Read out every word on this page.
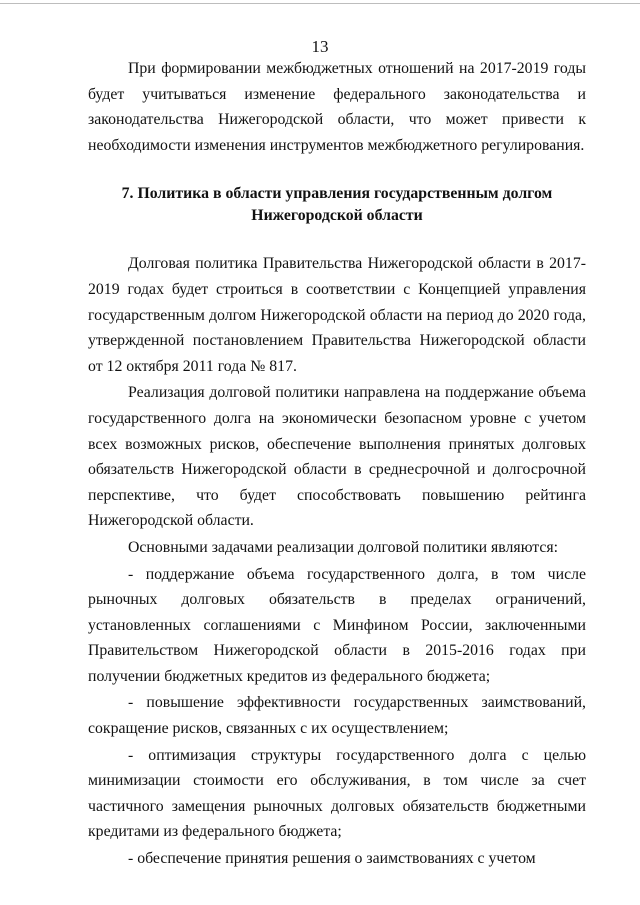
13

При формировании межбюджетных отношений на 2017-2019 годы будет учитываться изменение федерального законодательства и законодательства Нижегородской области, что может привести к необходимости изменения инструментов межбюджетного регулирования.

7. Политика в области управления государственным долгом
Нижегородской области

Долговая политика Правительства Нижегородской области в 2017-2019 годах будет строиться в соответствии с Концепцией управления государственным долгом Нижегородской области на период до 2020 года, утвержденной постановлением Правительства Нижегородской области от 12 октября 2011 года № 817.

Реализация долговой политики направлена на поддержание объема государственного долга на экономически безопасном уровне с учетом всех возможных рисков, обеспечение выполнения принятых долговых обязательств Нижегородской области в среднесрочной и долгосрочной перспективе, что будет способствовать повышению рейтинга Нижегородской области.

Основными задачами реализации долговой политики являются:

- поддержание объема государственного долга, в том числе рыночных долговых обязательств в пределах ограничений, установленных соглашениями с Минфином России, заключенными Правительством Нижегородской области в 2015-2016 годах при получении бюджетных кредитов из федерального бюджета;

- повышение эффективности государственных заимствований, сокращение рисков, связанных с их осуществлением;

- оптимизация структуры государственного долга с целью минимизации стоимости его обслуживания, в том числе за счет частичного замещения рыночных долговых обязательств бюджетными кредитами из федерального бюджета;

- обеспечение принятия решения о заимствованиях с учетом
